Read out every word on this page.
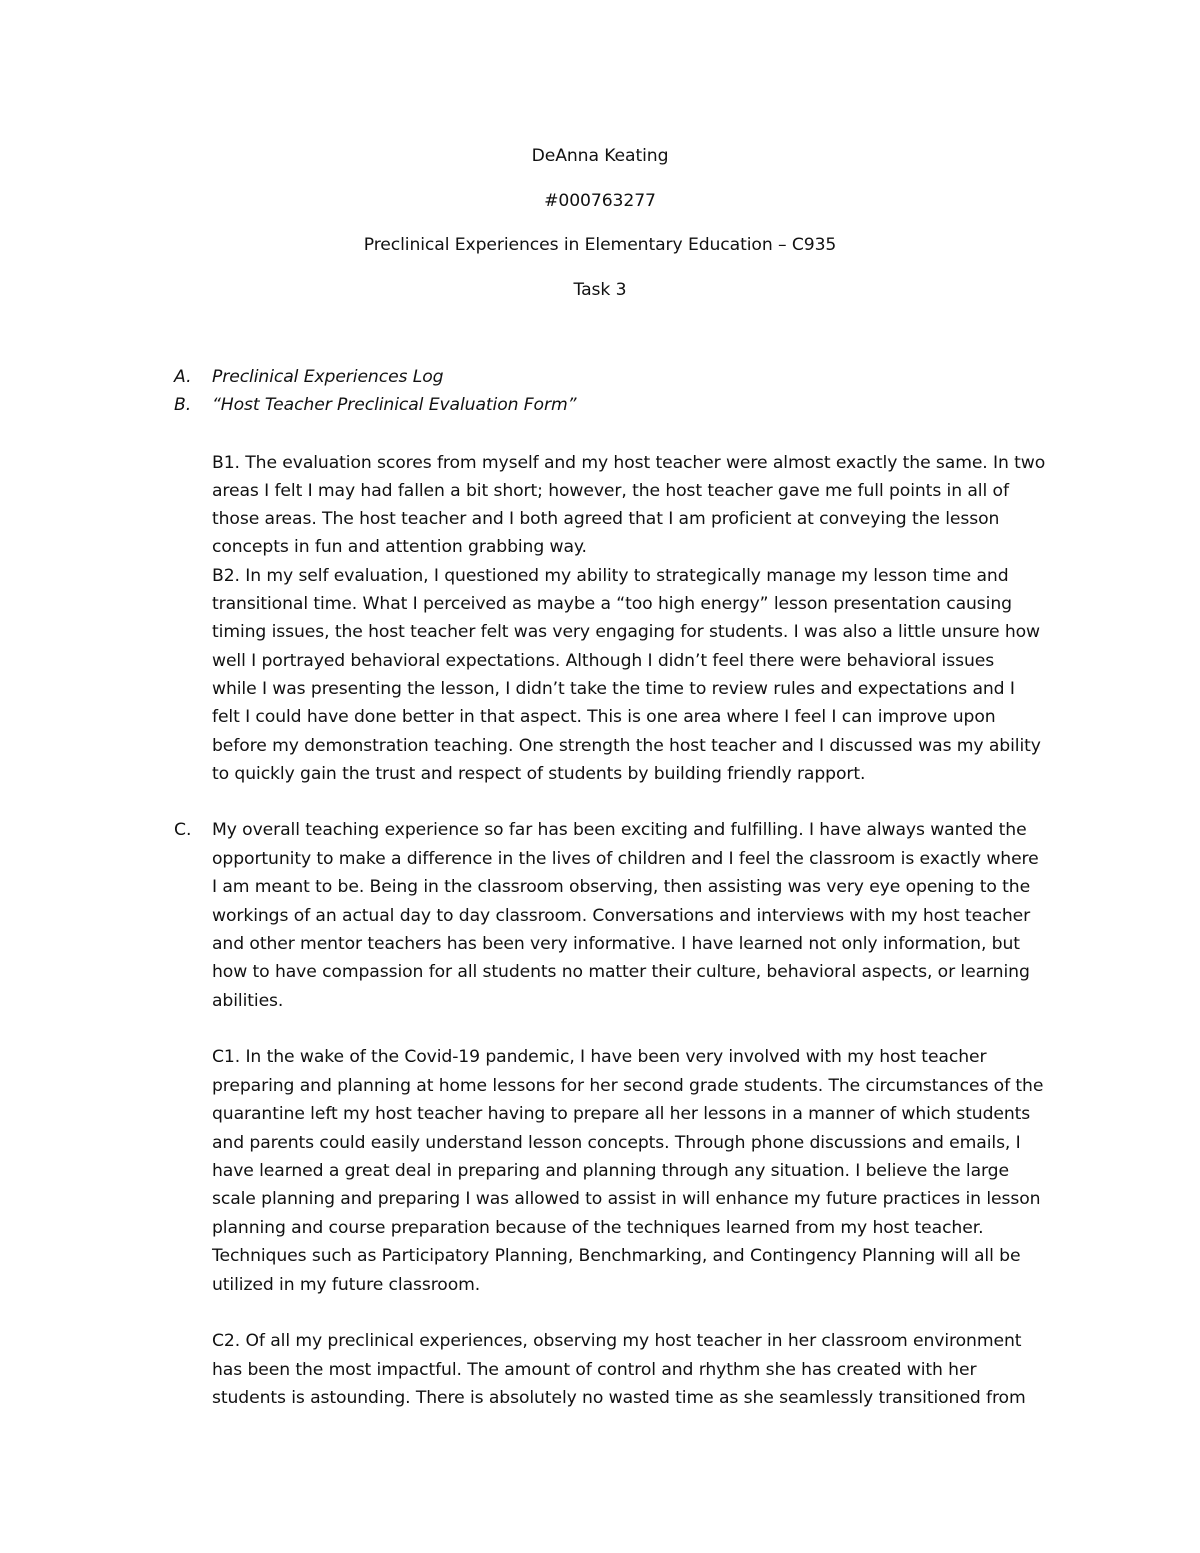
DeAnna Keating
#000763277
Preclinical Experiences in Elementary Education – C935
Task 3
A. Preclinical Experiences Log
B. “Host Teacher Preclinical Evaluation Form”
B1. The evaluation scores from myself and my host teacher were almost exactly the same. In two
areas I felt I may had fallen a bit short; however, the host teacher gave me full points in all of
those areas. The host teacher and I both agreed that I am proficient at conveying the lesson
concepts in fun and attention grabbing way.
B2. In my self evaluation, I questioned my ability to strategically manage my lesson time and
transitional time. What I perceived as maybe a “too high energy” lesson presentation causing
timing issues, the host teacher felt was very engaging for students. I was also a little unsure how
well I portrayed behavioral expectations. Although I didn’t feel there were behavioral issues
while I was presenting the lesson, I didn’t take the time to review rules and expectations and I
felt I could have done better in that aspect. This is one area where I feel I can improve upon
before my demonstration teaching. One strength the host teacher and I discussed was my ability
to quickly gain the trust and respect of students by building friendly rapport.
C. My overall teaching experience so far has been exciting and fulfilling. I have always wanted the
opportunity to make a difference in the lives of children and I feel the classroom is exactly where
I am meant to be. Being in the classroom observing, then assisting was very eye opening to the
workings of an actual day to day classroom. Conversations and interviews with my host teacher
and other mentor teachers has been very informative. I have learned not only information, but
how to have compassion for all students no matter their culture, behavioral aspects, or learning
abilities.
C1. In the wake of the Covid-19 pandemic, I have been very involved with my host teacher
preparing and planning at home lessons for her second grade students. The circumstances of the
quarantine left my host teacher having to prepare all her lessons in a manner of which students
and parents could easily understand lesson concepts. Through phone discussions and emails, I
have learned a great deal in preparing and planning through any situation. I believe the large
scale planning and preparing I was allowed to assist in will enhance my future practices in lesson
planning and course preparation because of the techniques learned from my host teacher.
Techniques such as Participatory Planning, Benchmarking, and Contingency Planning will all be
utilized in my future classroom.
C2. Of all my preclinical experiences, observing my host teacher in her classroom environment
has been the most impactful. The amount of control and rhythm she has created with her
students is astounding. There is absolutely no wasted time as she seamlessly transitioned from
